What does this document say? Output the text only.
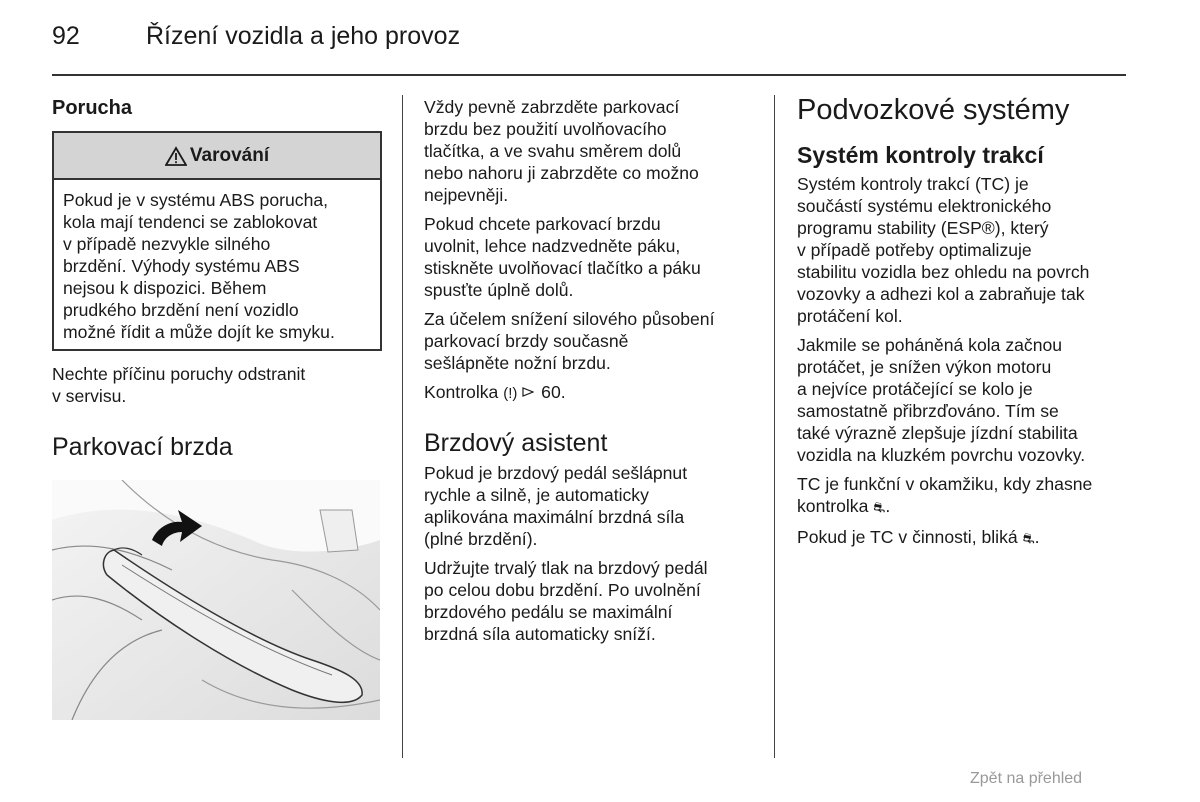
92	Řízení vozidla a jeho provoz
Porucha
Varování

Pokud je v systému ABS porucha,

kola mají tendenci se zablokovat

v případě nezvykle silného

brzdění. Výhody systému ABS

nejsou k dispozici. Během

prudkého brzdění není vozidlo

možné řídit a může dojít ke smyku.

Nechte příčinu poruchy odstranit

v servisu.

Parkovací brzda

Vždy pevně zabrzděte parkovací

brzdu bez použití uvolňovacího

tlačítka, a ve svahu směrem dolů

nebo nahoru ji zabrzděte co možno

nejpevněji.

Pokud chcete parkovací brzdu

uvolnit, lehce nadzvedněte páku,

stiskněte uvolňovací tlačítko a páku

spusťte úplně dolů.

Za účelem snížení silového působení

parkovací brzdy současně

sešlápněte nožní brzdu.

Kontrolka (!) 60.

Brzdový asistent

Pokud je brzdový pedál sešlápnut

rychle a silně, je automaticky

aplikována maximální brzdná síla

(plné brzdění).

Udržujte trvalý tlak na brzdový pedál

po celou dobu brzdění. Po uvolnění

brzdového pedálu se maximální

brzdná síla automaticky sníží.

Podvozkové systémy
Systém kontroly trakcí

Systém kontroly trakcí (TC) je

součástí systému elektronického

programu stability (ESP®), který

v případě potřeby optimalizuje

stabilitu vozidla bez ohledu na povrch

vozovky a adhezi kol a zabraňuje tak

protáčení kol.

Jakmile se poháněná kola začnou

protáčet, je snížen výkon motoru

a nejvíce protáčející se kolo je

samostatně přibrzďováno. Tím se

také výrazně zlepšuje jízdní stabilita

vozidla na kluzkém povrchu vozovky.

TC je funkční v okamžiku, kdy zhasne

kontrolka ⛐.

Pokud je TC v činnosti, bliká ⛐.

Zpět na přehled
